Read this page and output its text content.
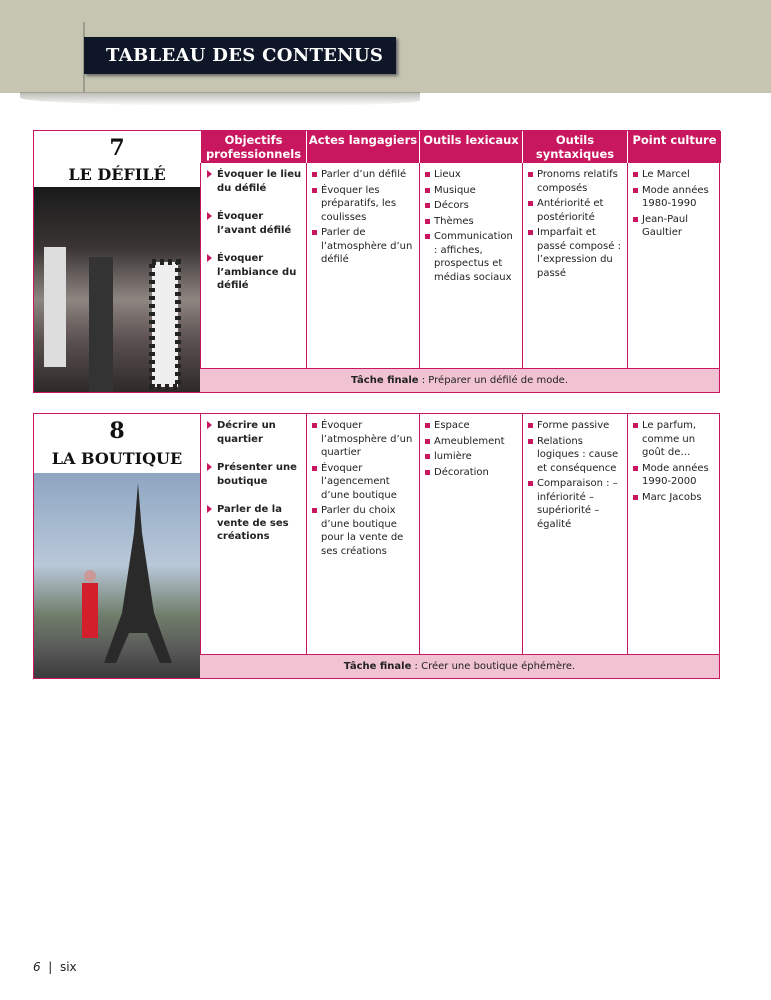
TABLEAU DES CONTENUS
7
LE DÉFILÉ
Objectifs professionnels
Actes langagiers Outils lexicaux	Outils syntaxiques
Point culture
Évoquer le lieu du défilé
Évoquer l’avant défilé
Évoquer l’ambiance du défilé
Parler d’un défilé
Évoquer les préparatifs, les coulisses
Parler de l’atmosphère d’un défilé
Lieux
Musique
Décors
Thèmes
Communication : affiches, prospectus et médias sociaux
Pronoms relatifs composés
Antériorité et postériorité
Imparfait et passé composé : l’expression du passé
Le Marcel
Mode années 1980-1990
Jean-Paul Gaultier
Tâche finale : Préparer un défilé de mode.
8
LA BOUTIQUE
Décrire un quartier
Présenter une boutique
Parler de la vente de ses créations
Évoquer l’atmosphère d’un quartier
Évoquer l’agencement d’une boutique
Parler du choix d’une boutique pour la vente de ses créations
Espace
Ameublement
lumière
Décoration
Forme passive
Relations logiques : cause et conséquence
Comparaison : – infériorité – supériorité – égalité
Le parfum, comme un goût de…
Mode années 1990-2000
Marc Jacobs
Tâche finale : Créer une boutique éphémère.
6 | six
